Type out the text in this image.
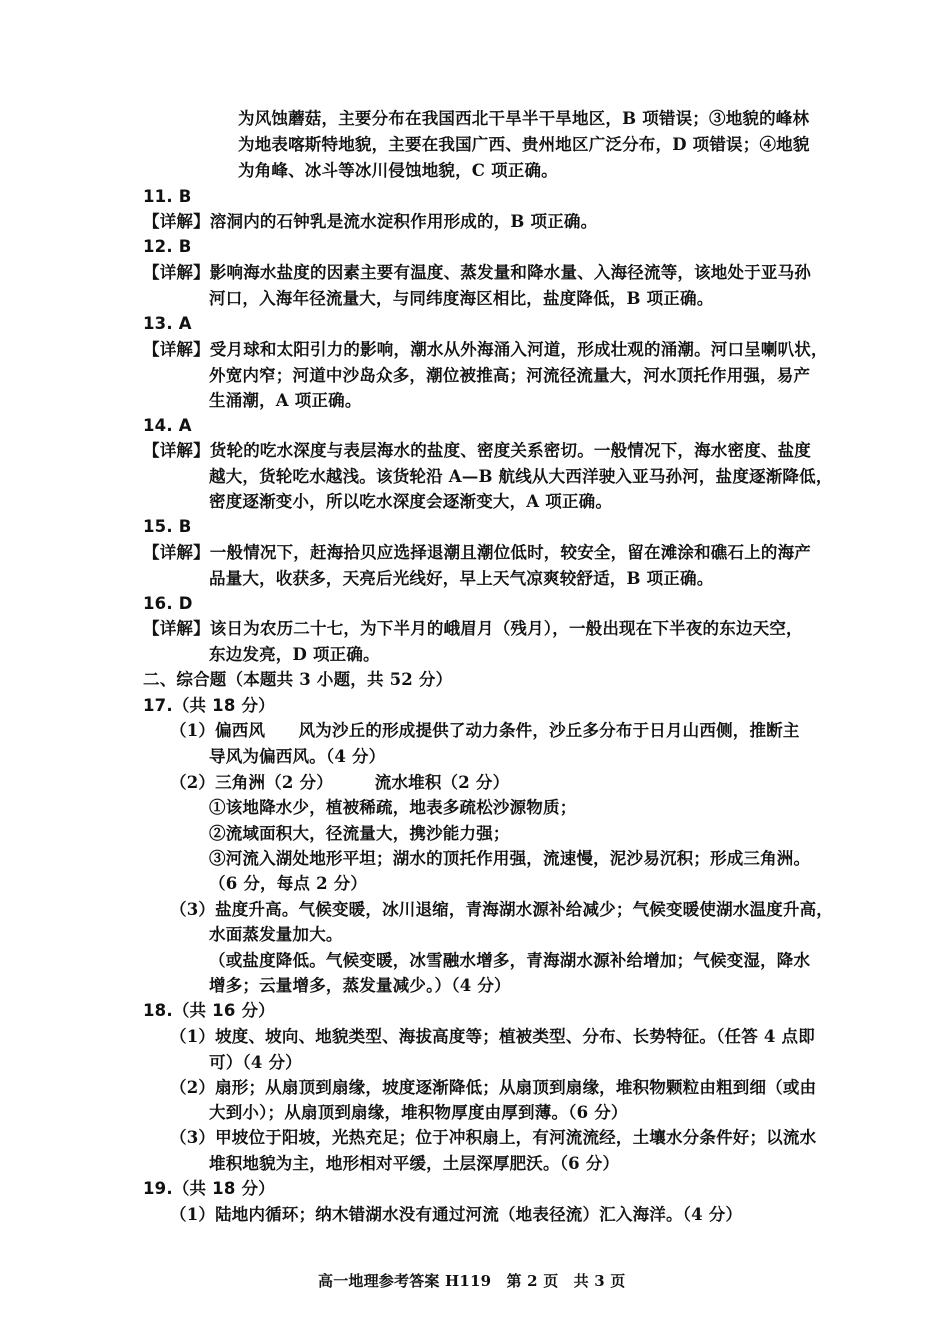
为风蚀蘑菇，主要分布在我国西北干旱半干旱地区，B 项错误；③地貌的峰林
为地表喀斯特地貌，主要在我国广西、贵州地区广泛分布，D 项错误；④地貌
为角峰、冰斗等冰川侵蚀地貌，C 项正确。
11. B
【详解】溶洞内的石钟乳是流水淀积作用形成的，B 项正确。
12. B
【详解】影响海水盐度的因素主要有温度、蒸发量和降水量、入海径流等，该地处于亚马孙
河口，入海年径流量大，与同纬度海区相比，盐度降低，B 项正确。
13. A
【详解】受月球和太阳引力的影响，潮水从外海涌入河道，形成壮观的涌潮。河口呈喇叭状，
外宽内窄；河道中沙岛众多，潮位被推高；河流径流量大，河水顶托作用强，易产
生涌潮，A 项正确。
14. A
【详解】货轮的吃水深度与表层海水的盐度、密度关系密切。一般情况下，海水密度、盐度
越大，货轮吃水越浅。该货轮沿 A—B 航线从大西洋驶入亚马孙河，盐度逐渐降低，
密度逐渐变小，所以吃水深度会逐渐变大，A 项正确。
15. B
【详解】一般情况下，赶海拾贝应选择退潮且潮位低时，较安全，留在滩涂和礁石上的海产
品量大，收获多，天亮后光线好，早上天气凉爽较舒适，B 项正确。
16. D
【详解】该日为农历二十七，为下半月的峨眉月（残月），一般出现在下半夜的东边天空，
东边发亮，D 项正确。
二、综合题（本题共 3 小题，共 52 分）
17.（共 18 分）
（1）偏西风　　风为沙丘的形成提供了动力条件，沙丘多分布于日月山西侧，推断主
导风为偏西风。（4 分）
（2）三角洲（2 分）　　　流水堆积（2 分）
①该地降水少，植被稀疏，地表多疏松沙源物质；
②流域面积大，径流量大，携沙能力强；
③河流入湖处地形平坦；湖水的顶托作用强，流速慢，泥沙易沉积；形成三角洲。
（6 分，每点 2 分）
（3）盐度升高。气候变暖，冰川退缩，青海湖水源补给减少；气候变暖使湖水温度升高，
水面蒸发量加大。
（或盐度降低。气候变暖，冰雪融水增多，青海湖水源补给增加；气候变湿，降水
增多；云量增多，蒸发量减少。）（4 分）
18.（共 16 分）
（1）坡度、坡向、地貌类型、海拔高度等；植被类型、分布、长势特征。（任答 4 点即
可）（4 分）
（2）扇形；从扇顶到扇缘，坡度逐渐降低；从扇顶到扇缘，堆积物颗粒由粗到细（或由
大到小）；从扇顶到扇缘，堆积物厚度由厚到薄。（6 分）
（3）甲坡位于阳坡，光热充足；位于冲积扇上，有河流流经，土壤水分条件好；以流水
堆积地貌为主，地形相对平缓，土层深厚肥沃。（6 分）
19.（共 18 分）
（1）陆地内循环；纳木错湖水没有通过河流（地表径流）汇入海洋。（4 分）
高一地理参考答案 H119　第 2 页　共 3 页
